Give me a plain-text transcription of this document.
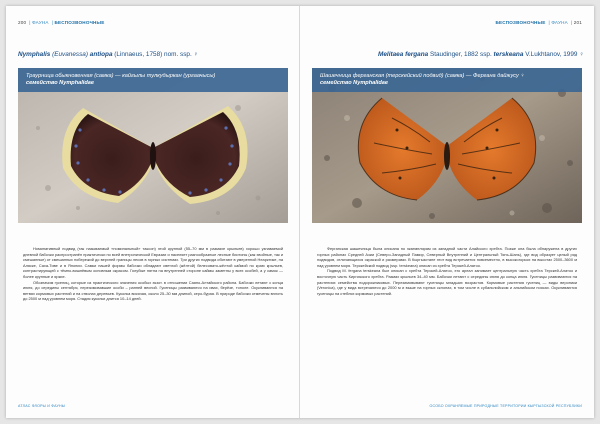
200  | ФАУНА  | БЕСПОЗВОНОЧНЫЕ
Nymphalis (Euvanessa) antiopa (Linnaeus, 1758) nom. ssp. ♀
Траурница обыкновенная (самка) — кайгылы тулкудыркан (ургаачысы)
семейство Nymphalidae

Номинативный подвид (так называемый «номинальный» таксон) этой крупной (55–70 мм в размахе крыльев) хорошо узнаваемой дневной бабочки распространён практически по всей внетропической Евразии и населяет разнообразные лесные биотопы (как хвойные, так и смешанные) от смешанных побережий до верхней границы лесов в горных системах. Три других подвида обитают в умеренной Неарктике, на Аляске, Саха-Тиве и в Японии. Самки нашей формы бабочки обладают светлой (жёлтой) белесовато-жёлтой каймой по краю крыльев, контрастирующей с тёмно-вишнёвым основным окрасом. Голубые пятна на внутренней стороне каймы заметны у всех особей, а у самок — более крупные и яркие.

Обозначим гусениц, которые из практического значения особых экзот. в отношении Саяно-Алтайского района. Бабочки летают с конца июня, до середины сентября, перезимовавшие особи – ранней весной. Гусеницы развиваются на ивах, берёзе, тополе. Окукливаются на ветвях кормовых растений и на стволах деревьев. Куколка висячая, около 25–30 мм длиной, серо-бурая. В природе бабочки отмечены вплоть до 2500 м над уровнем моря. Стадия куколки длится 10–14 дней.

АТЛАС ФЛОРЫ И ФАУНЫ
БЕСПОЗВОНОЧНЫЕ  | ФАУНА  | 201
Melitaea fergana Staudinger, 1882 ssp. terskeana V.Lukhtanov, 1999 ♀
Шашечница ферганская (терскейский подвид) (самка) — Фергана дайжусу ♀
семейство Nymphalidae

Ферганская шашечница была описана по экземплярам из западной части Алайского хребта. Позже она была обнаружена в других горных районах Средней Азии (Северо-Западный Памир, Северный Внутренний и Центральный Тянь-Шань), где вид образует целый ряд подвидов, отличающихся окраской и размерами. В Кыргызстане этот вид встречается повсеместно, в высокогорьях на высотах 2500–3600 м над уровнем моря. Терскейский подвид (ssp. terskeana) описан из хребта Терскей-Алатоо.

Подвид M. fergana terskeana был описан с хребта Терскей-Алатоо, его ареал занимает центральную часть хребта Терскей-Алатоо и восточную часть Киргизского хребта. Размах крыльев 34–40 мм. Бабочки летают с середины июня до конца июля. Гусеницы развиваются на растениях семейства подорожниковых. Перезимовывают гусеницы младших возрастов. Кормовые растения гусениц — виды вероники (Veronica), где у вида встречаются до 2000 м и выше на горных склонах, в том числе в субальпийском и альпийском поясах. Окукливаются гусеницы на стеблях кормовых растений.

ОСОБО ОХРАНЯЕМЫЕ ПРИРОДНЫЕ ТЕРРИТОРИИ КЫРГЫЗСКОЙ РЕСПУБЛИКИ
